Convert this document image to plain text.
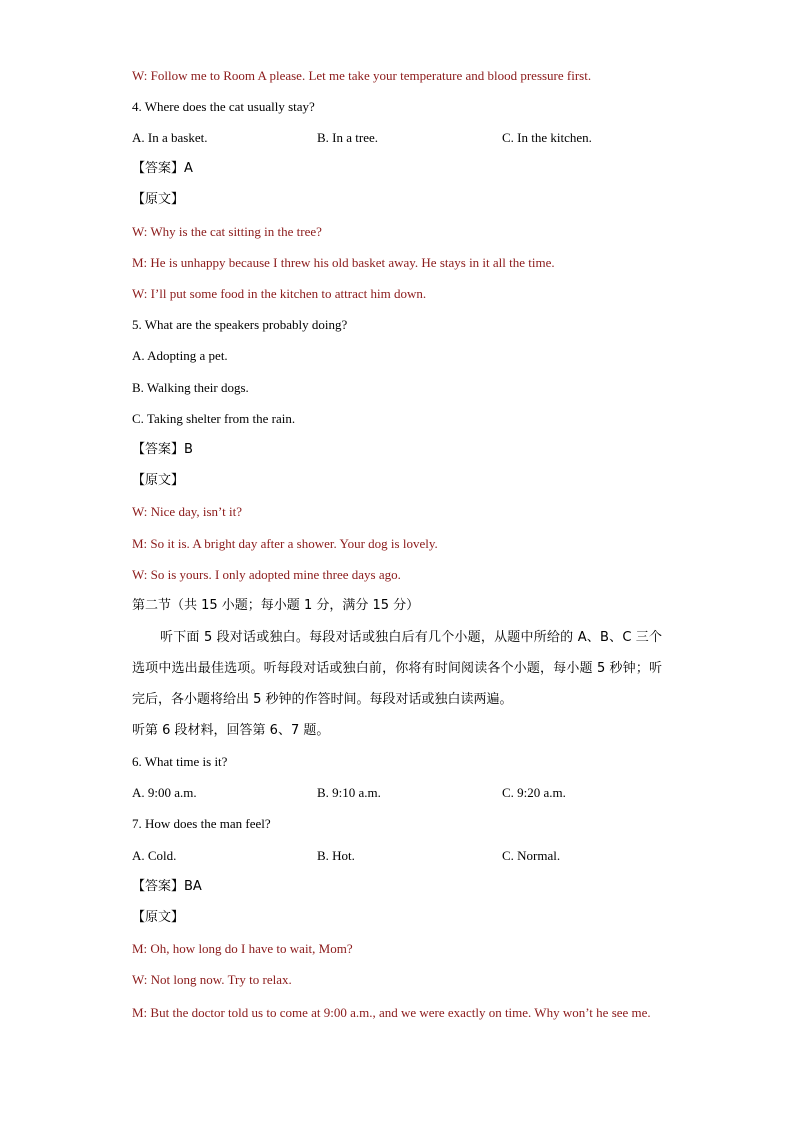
W: Follow me to Room A please. Let me take your temperature and blood pressure first.
4. Where does the cat usually stay?
A. In a basket.	B. In a tree.	C. In the kitchen.
【答案】A
【原文】
W: Why is the cat sitting in the tree?
M: He is unhappy because I threw his old basket away. He stays in it all the time.
W: I’ll put some food in the kitchen to attract him down.
5. What are the speakers probably doing?
A. Adopting a pet.
B. Walking their dogs.
C. Taking shelter from the rain.
【答案】B
【原文】
W: Nice day, isn’t it?
M: So it is. A bright day after a shower. Your dog is lovely.
W: So is yours. I only adopted mine three days ago.
第二节（共 15 小题；每小题 1 分，满分 15 分）
听下面 5 段对话或独白。每段对话或独白后有几个小题，从题中所给的 A、B、C 三个选项中选出最佳选项。听每段对话或独白前，你将有时间阅读各个小题，每小题 5 秒钟；听完后，各小题将给出 5 秒钟的作答时间。每段对话或独白读两遍。
听第 6 段材料，回答第 6、7 题。
6. What time is it?
A. 9:00 a.m.	B. 9:10 a.m.	C. 9:20 a.m.
7. How does the man feel?
A. Cold.	B. Hot.	C. Normal.
【答案】BA
【原文】
M: Oh, how long do I have to wait, Mom?
W: Not long now. Try to relax.
M: But the doctor told us to come at 9:00 a.m., and we were exactly on time. Why won’t he see me.
